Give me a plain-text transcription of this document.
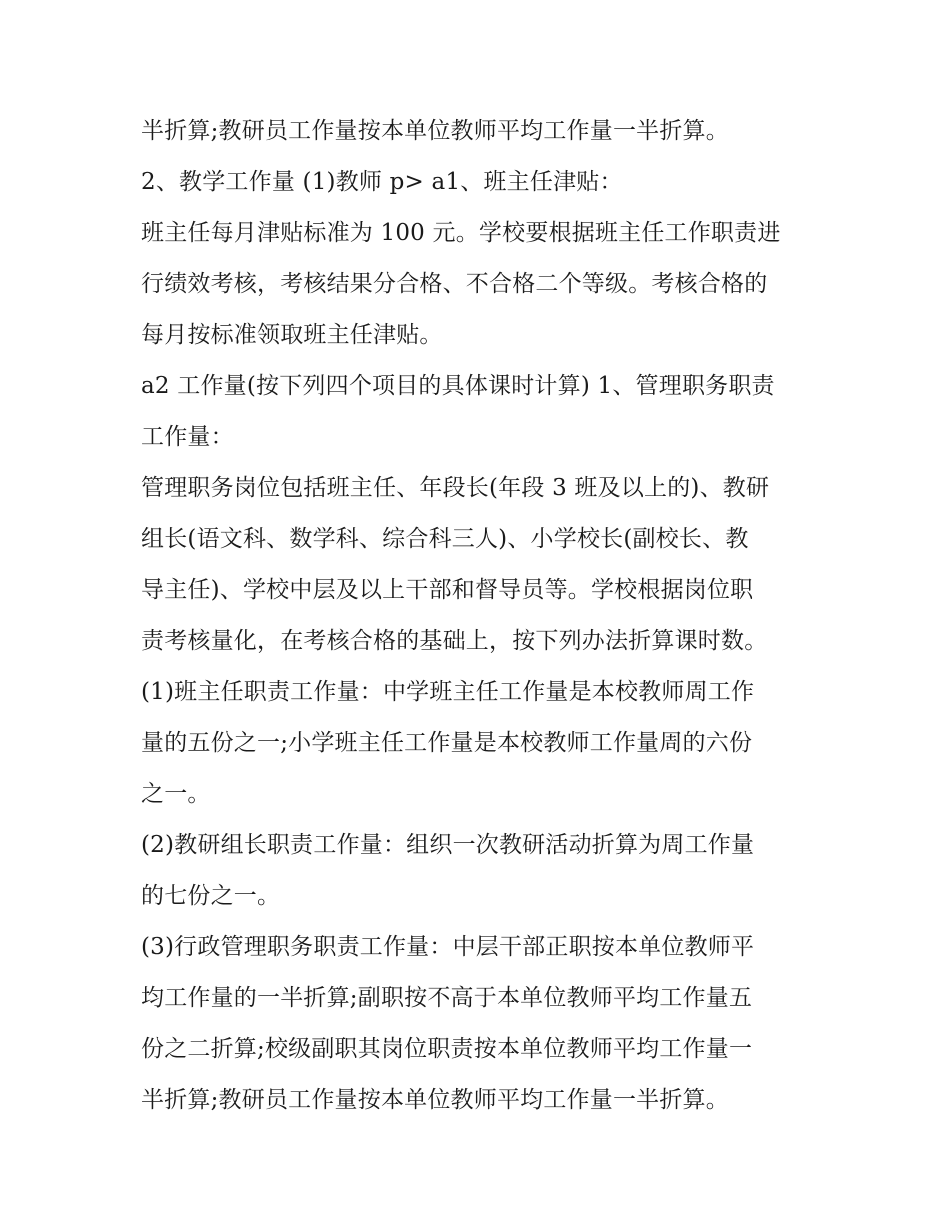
半折算;教研员工作量按本单位教师平均工作量一半折算。
2、教学工作量 (1)教师 p> a1、班主任津贴：
班主任每月津贴标准为 100 元。学校要根据班主任工作职责进
行绩效考核，考核结果分合格、不合格二个等级。考核合格的
每月按标准领取班主任津贴。
a2 工作量(按下列四个项目的具体课时计算) 1、管理职务职责
工作量：
管理职务岗位包括班主任、年段长(年段 3 班及以上的)、教研
组长(语文科、数学科、综合科三人)、小学校长(副校长、教
导主任)、学校中层及以上干部和督导员等。学校根据岗位职
责考核量化，在考核合格的基础上，按下列办法折算课时数。
(1)班主任职责工作量：中学班主任工作量是本校教师周工作
量的五份之一;小学班主任工作量是本校教师工作量周的六份
之一。
(2)教研组长职责工作量：组织一次教研活动折算为周工作量
的七份之一。
(3)行政管理职务职责工作量：中层干部正职按本单位教师平
均工作量的一半折算;副职按不高于本单位教师平均工作量五
份之二折算;校级副职其岗位职责按本单位教师平均工作量一
半折算;教研员工作量按本单位教师平均工作量一半折算。
